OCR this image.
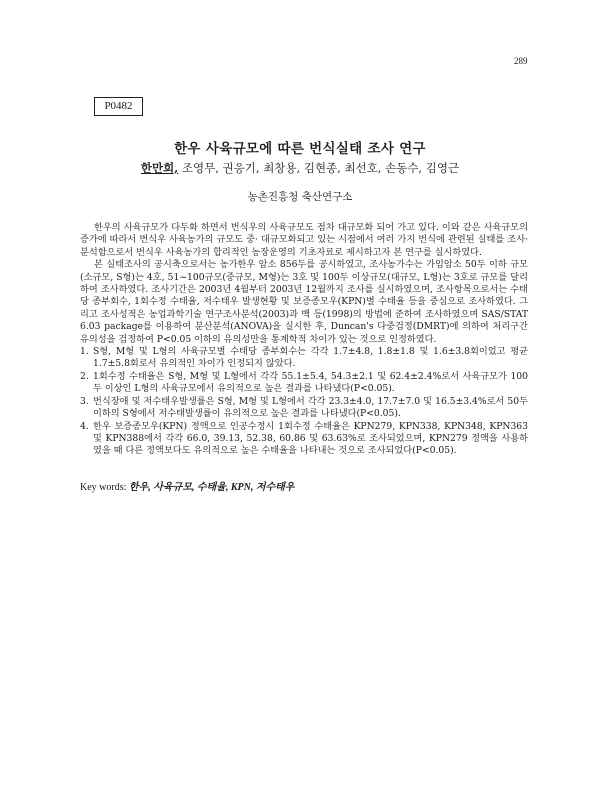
289
P0482
한우 사육규모에 따른 번식실태 조사 연구
한만희, 조영무, 권응기, 최창용, 김현종, 최선호, 손동수, 김영근
농촌진흥청 축산연구소

한우의 사육규모가 다두화 하면서 번식우의 사육규모도 점차 대규모화 되어 가고 있다. 이와 같은 사육규모의 증가에 따라서 번식우 사육농가의 규모도 중· 대규모화되고 있는 시점에서 여러 가지 번식에 관련된 실태를 조사· 분석함으로서 번식우 사육농가의 합리적인 농장운영의 기초자료로 제시하고자 본 연구를 실시하였다.

본 실태조사의 공시축으로서는 농가한우 암소 856두를 공시하였고, 조사농가수는 가임암소 50두 이하 규모(소규모, S형)는 4호, 51~100규모(중규모, M형)는 3호 및 100두 이상규모(대규모, L형)는 3호로 규모를 달리하여 조사하였다. 조사기간은 2003년 4월부터 2003년 12월까지 조사를 실시하였으며, 조사항목으로서는 수태당 종부회수, 1회수정 수태율, 저수태우 발생현황 및 보증종모우(KPN)별 수태율 등을 중심으로 조사하였다. 그리고 조사성적은 농업과학기술 연구조사분석(2003)과 백 등(1998)의 방법에 준하여 조사하였으며 SAS/STAT 6.03 package를 이용하여 분산분석(ANOVA)을 실시한 후, Duncan's 다중검정(DMRT)에 의하여 처리구간 유의성을 검정하여 P<0.05 이하의 유의성만을 통계학적 차이가 있는 것으로 인정하였다.

1. S형, M형 및 L형의 사육규모별 수태당 종부회수는 각각 1.7±4.8, 1.8±1.8 및 1.6±3.8회이었고 평균 1.7±5.8회로서 유의적인 차이가 인정되지 않았다.
2. 1회수정 수태율은 S형, M형 및 L형에서 각각 55.1±5.4, 54.3±2.1 및 62.4±2.4%로서 사육규모가 100두 이상인 L형의 사육규모에서 유의적으로 높은 결과를 나타냈다(P<0.05).
3. 번식장애 및 저수태우발생률은 S형, M형 및 L형에서 각각 23.3±4.0, 17.7±7.0 및 16.5±3.4%로서 50두 이하의 S형에서 저수태발생률이 유의적으로 높은 결과를 나타냈다(P<0.05).
4. 한우 보증종모우(KPN) 정액으로 인공수정시 1회수정 수태율은 KPN279, KPN338, KPN348, KPN363 및 KPN388에서 각각 66.0, 39.13, 52.38, 60.86 및 63.63%로 조사되었으며, KPN279 정액을 사용하였을 때 다른 정액보다도 유의적으로 높은 수태율을 나타내는 것으로 조사되었다(P<0.05).
Key words: 한우, 사육규모, 수태율, KPN, 저수태우
